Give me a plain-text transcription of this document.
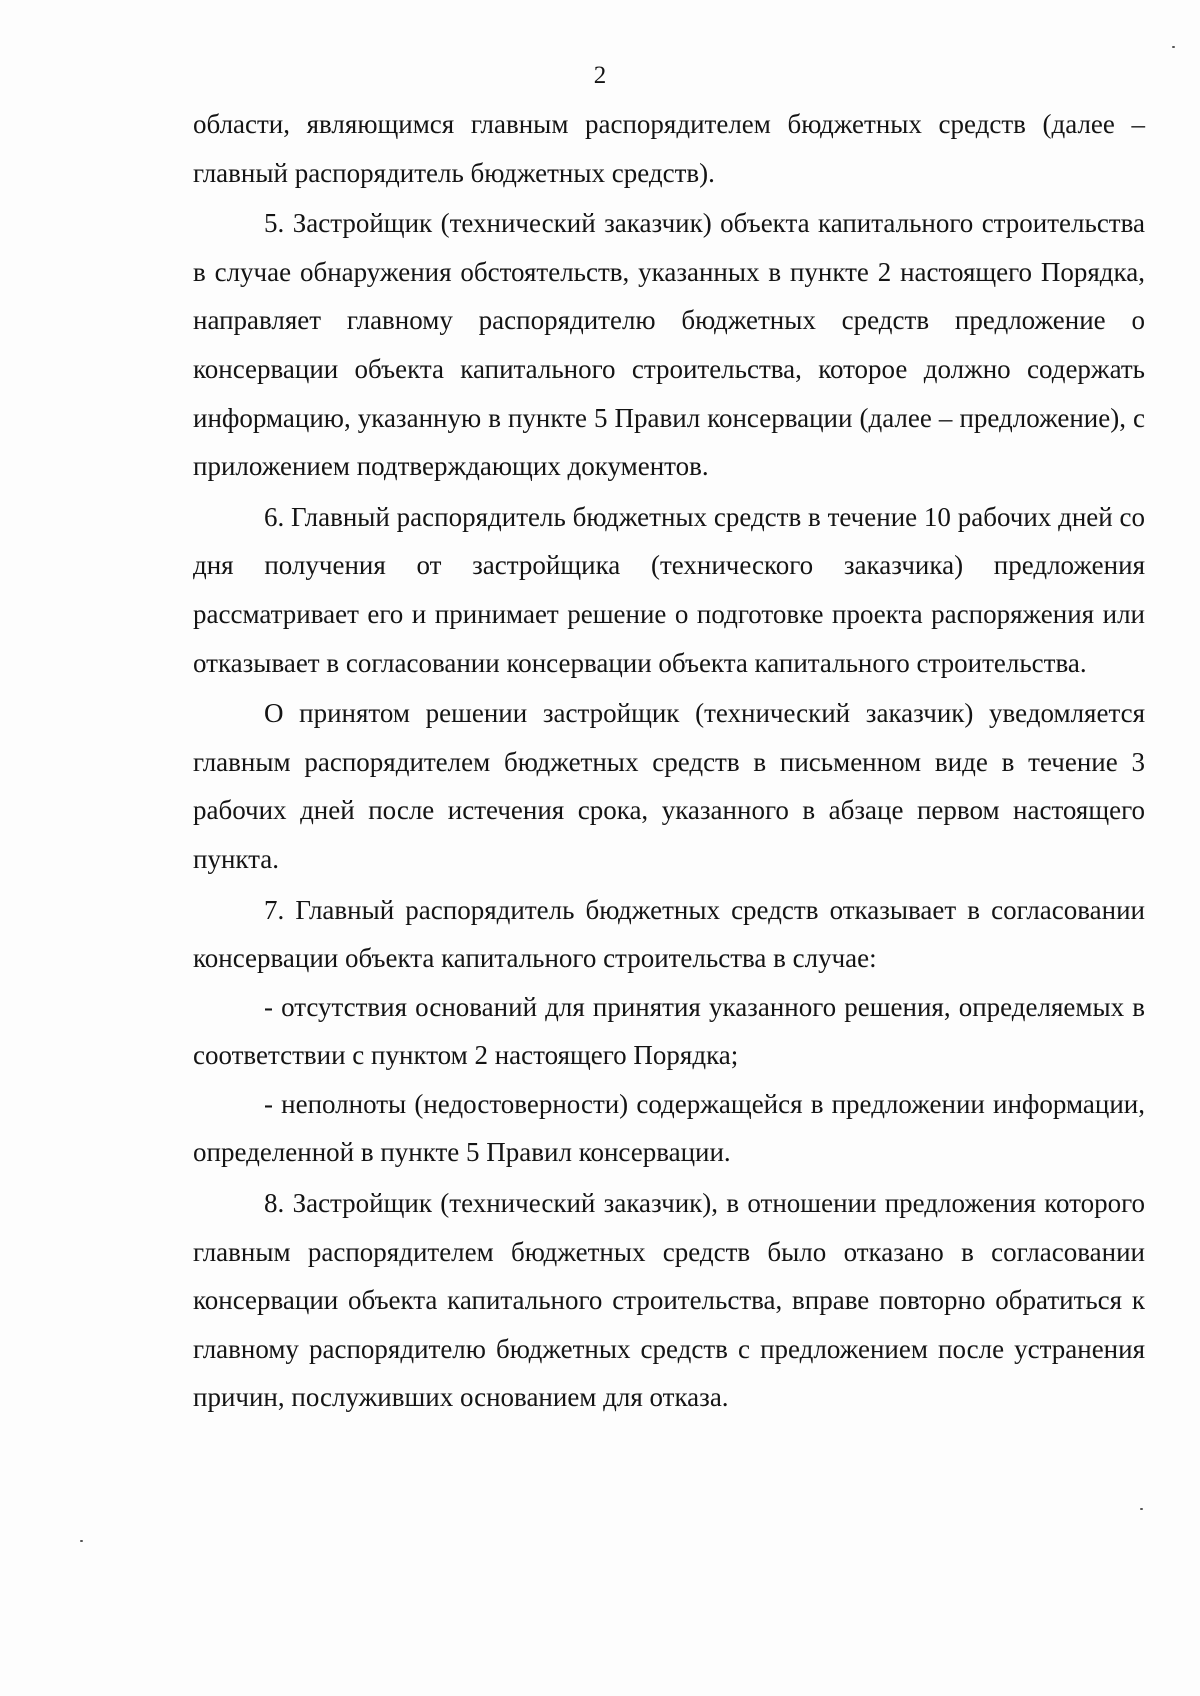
2

области, являющимся главным распорядителем бюджетных средств (далее – главный распорядитель бюджетных средств).

5. Застройщик (технический заказчик) объекта капитального строительства в случае обнаружения обстоятельств, указанных в пункте 2 настоящего Порядка, направляет главному распорядителю бюджетных средств предложение о консервации объекта капитального строительства, которое должно содержать информацию, указанную в пункте 5 Правил консервации (далее – предложение), с приложением подтверждающих документов.

6. Главный распорядитель бюджетных средств в течение 10 рабочих дней со дня получения от застройщика (технического заказчика) предложения рассматривает его и принимает решение о подготовке проекта распоряжения или отказывает в согласовании консервации объекта капитального строительства.

О принятом решении застройщик (технический заказчик) уведомляется главным распорядителем бюджетных средств в письменном виде в течение 3 рабочих дней после истечения срока, указанного в абзаце первом настоящего пункта.

7. Главный распорядитель бюджетных средств отказывает в согласовании консервации объекта капитального строительства в случае:

- отсутствия оснований для принятия указанного решения, определяемых в соответствии с пунктом 2 настоящего Порядка;

- неполноты (недостоверности) содержащейся в предложении информации, определенной в пункте 5 Правил консервации.

8. Застройщик (технический заказчик), в отношении предложения которого главным распорядителем бюджетных средств было отказано в согласовании консервации объекта капитального строительства, вправе повторно обратиться к главному распорядителю бюджетных средств с предложением после устранения причин, послуживших основанием для отказа.
